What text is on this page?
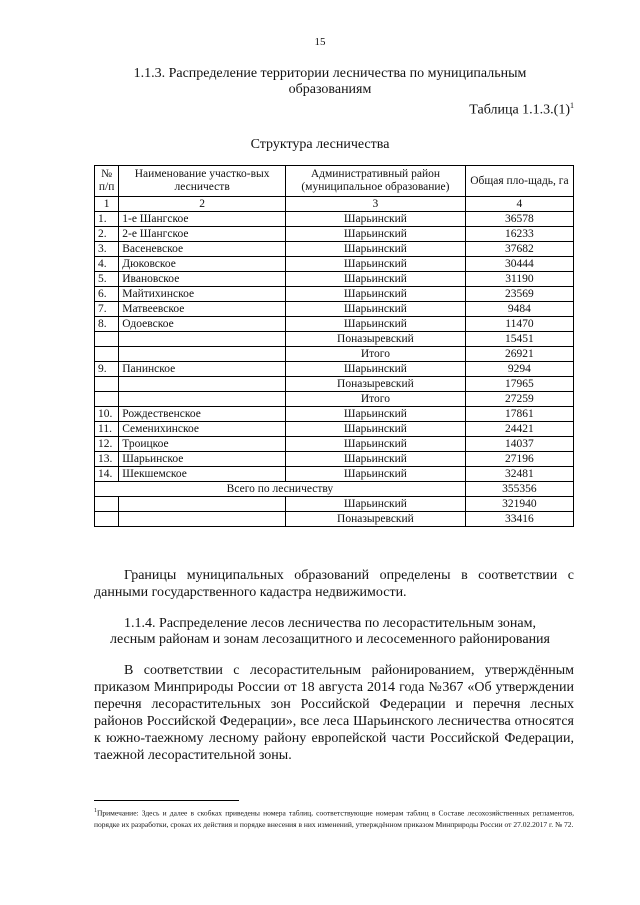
15
1.1.3. Распределение территории лесничества по муниципальным образованиям
Таблица $1.1.3.(1)^1$
Структура лесничества
№ п/п	Наименование участко-вых лесничеств	Административный район (муниципальное образование)	Общая пло-щадь, га
1	2	3	4
1.	1-е Шангское	Шарьинский	36578
2.	2-е Шангское	Шарьинский	16233
3.	Васеневское	Шарьинский	37682
4.	Дюковское	Шарьинский	30444
5.	Ивановское	Шарьинский	31190
6.	Майтихинское	Шарьинский	23569
7.	Матвеевское	Шарьинский	9484
8.	Одоевское	Шарьинский	11470
		Поназыревский	15451
		Итого	26921
9.	Панинское	Шарьинский	9294
		Поназыревский	17965
		Итого	27259
10.	Рождественское	Шарьинский	17861
11.	Семенихинское	Шарьинский	24421
12.	Троицкое	Шарьинский	14037
13.	Шарьинское	Шарьинский	27196
14.	Шекшемское	Шарьинский	32481
Всего по лесничеству			355356
		Шарьинский	321940
		Поназыревский	33416
Границы муниципальных образований определены в соответствии с данными государственного кадастра недвижимости.
1.1.4. Распределение лесов лесничества по лесорастительным зонам, лесным районам и зонам лесозащитного и лесосеменного районирования
В соответствии с лесорастительным районированием, утверждённым приказом Минприроды России от 18 августа 2014 года №367 «Об утверждении перечня лесорастительных зон Российской Федерации и перечня лесных районов Российской Федерации», все леса Шарьинского лесничества относятся к южно-таежному лесному району европейской части Российской Федерации, таежной лесорастительной зоны.
$^1$Примечание: Здесь и далее в скобках приведены номера таблиц, соответствующие номерам таблиц в Составе лесохозяйственных регламентов, порядке их разработки, сроках их действия и порядке внесения в них изменений, утверждённом приказом Минприроды России от 27.02.2017 г. № 72.
